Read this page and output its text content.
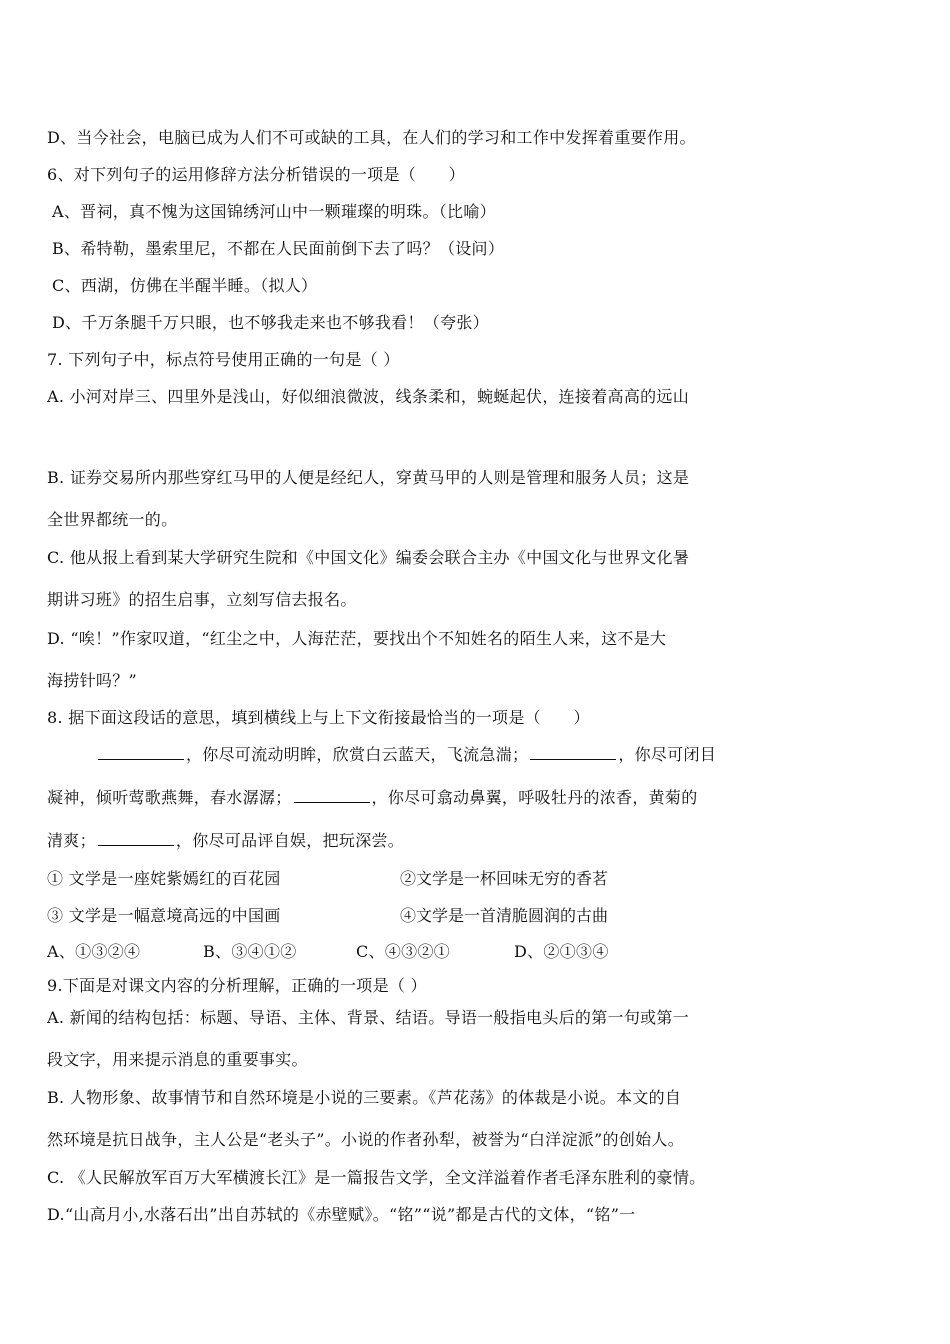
D、当今社会，电脑已成为人们不可或缺的工具，在人们的学习和工作中发挥着重要作用。
6、对下列句子的运用修辞方法分析错误的一项是（　　）
A、晋祠，真不愧为这国锦绣河山中一颗璀璨的明珠。（比喻）
B、希特勒，墨索里尼，不都在人民面前倒下去了吗？（设问）
C、西湖，仿佛在半醒半睡。（拟人）
D、千万条腿千万只眼，也不够我走来也不够我看！（夸张）
7. 下列句子中，标点符号使用正确的一句是（ ）
A. 小河对岸三、四里外是浅山，好似细浪微波，线条柔和，蜿蜒起伏，连接着高高的远山
B. 证券交易所内那些穿红马甲的人便是经纪人，穿黄马甲的人则是管理和服务人员；这是
全世界都统一的。
C. 他从报上看到某大学研究生院和《中国文化》编委会联合主办《中国文化与世界文化暑
期讲习班》的招生启事，立刻写信去报名。
D. “唉！”作家叹道，“红尘之中，人海茫茫，要找出个不知姓名的陌生人来，这不是大
海捞针吗？”
8. 据下面这段话的意思，填到横线上与上下文衔接最恰当的一项是（　　）
，你尽可流动明眸，欣赏白云蓝天，飞流急湍；	，你尽可闭目
凝神，倾听莺歌燕舞，春水潺潺；	，你尽可翕动鼻翼，呼吸牡丹的浓香，黄菊的
清爽；	，你尽可品评自娱，把玩深尝。
① 文学是一座姹紫嫣红的百花园	②文学是一杯回味无穷的香茗
③ 文学是一幅意境高远的中国画	④文学是一首清脆圆润的古曲
A、①③②④	B、③④①②	C、④③②①	D、②①③④
9.下面是对课文内容的分析理解，正确的一项是（ ）
A. 新闻的结构包括：标题、导语、主体、背景、结语。导语一般指电头后的第一句或第一
段文字，用来提示消息的重要事实。
B. 人物形象、故事情节和自然环境是小说的三要素。《芦花荡》的体裁是小说。本文的自
然环境是抗日战争，主人公是“老头子”。小说的作者孙犁，被誉为“白洋淀派”的创始人。
C. 《人民解放军百万大军横渡长江》是一篇报告文学，全文洋溢着作者毛泽东胜利的豪情。
D.“山高月小,水落石出”出自苏轼的《赤壁赋》。“铭”“说”都是古代的文体，“铭”一
